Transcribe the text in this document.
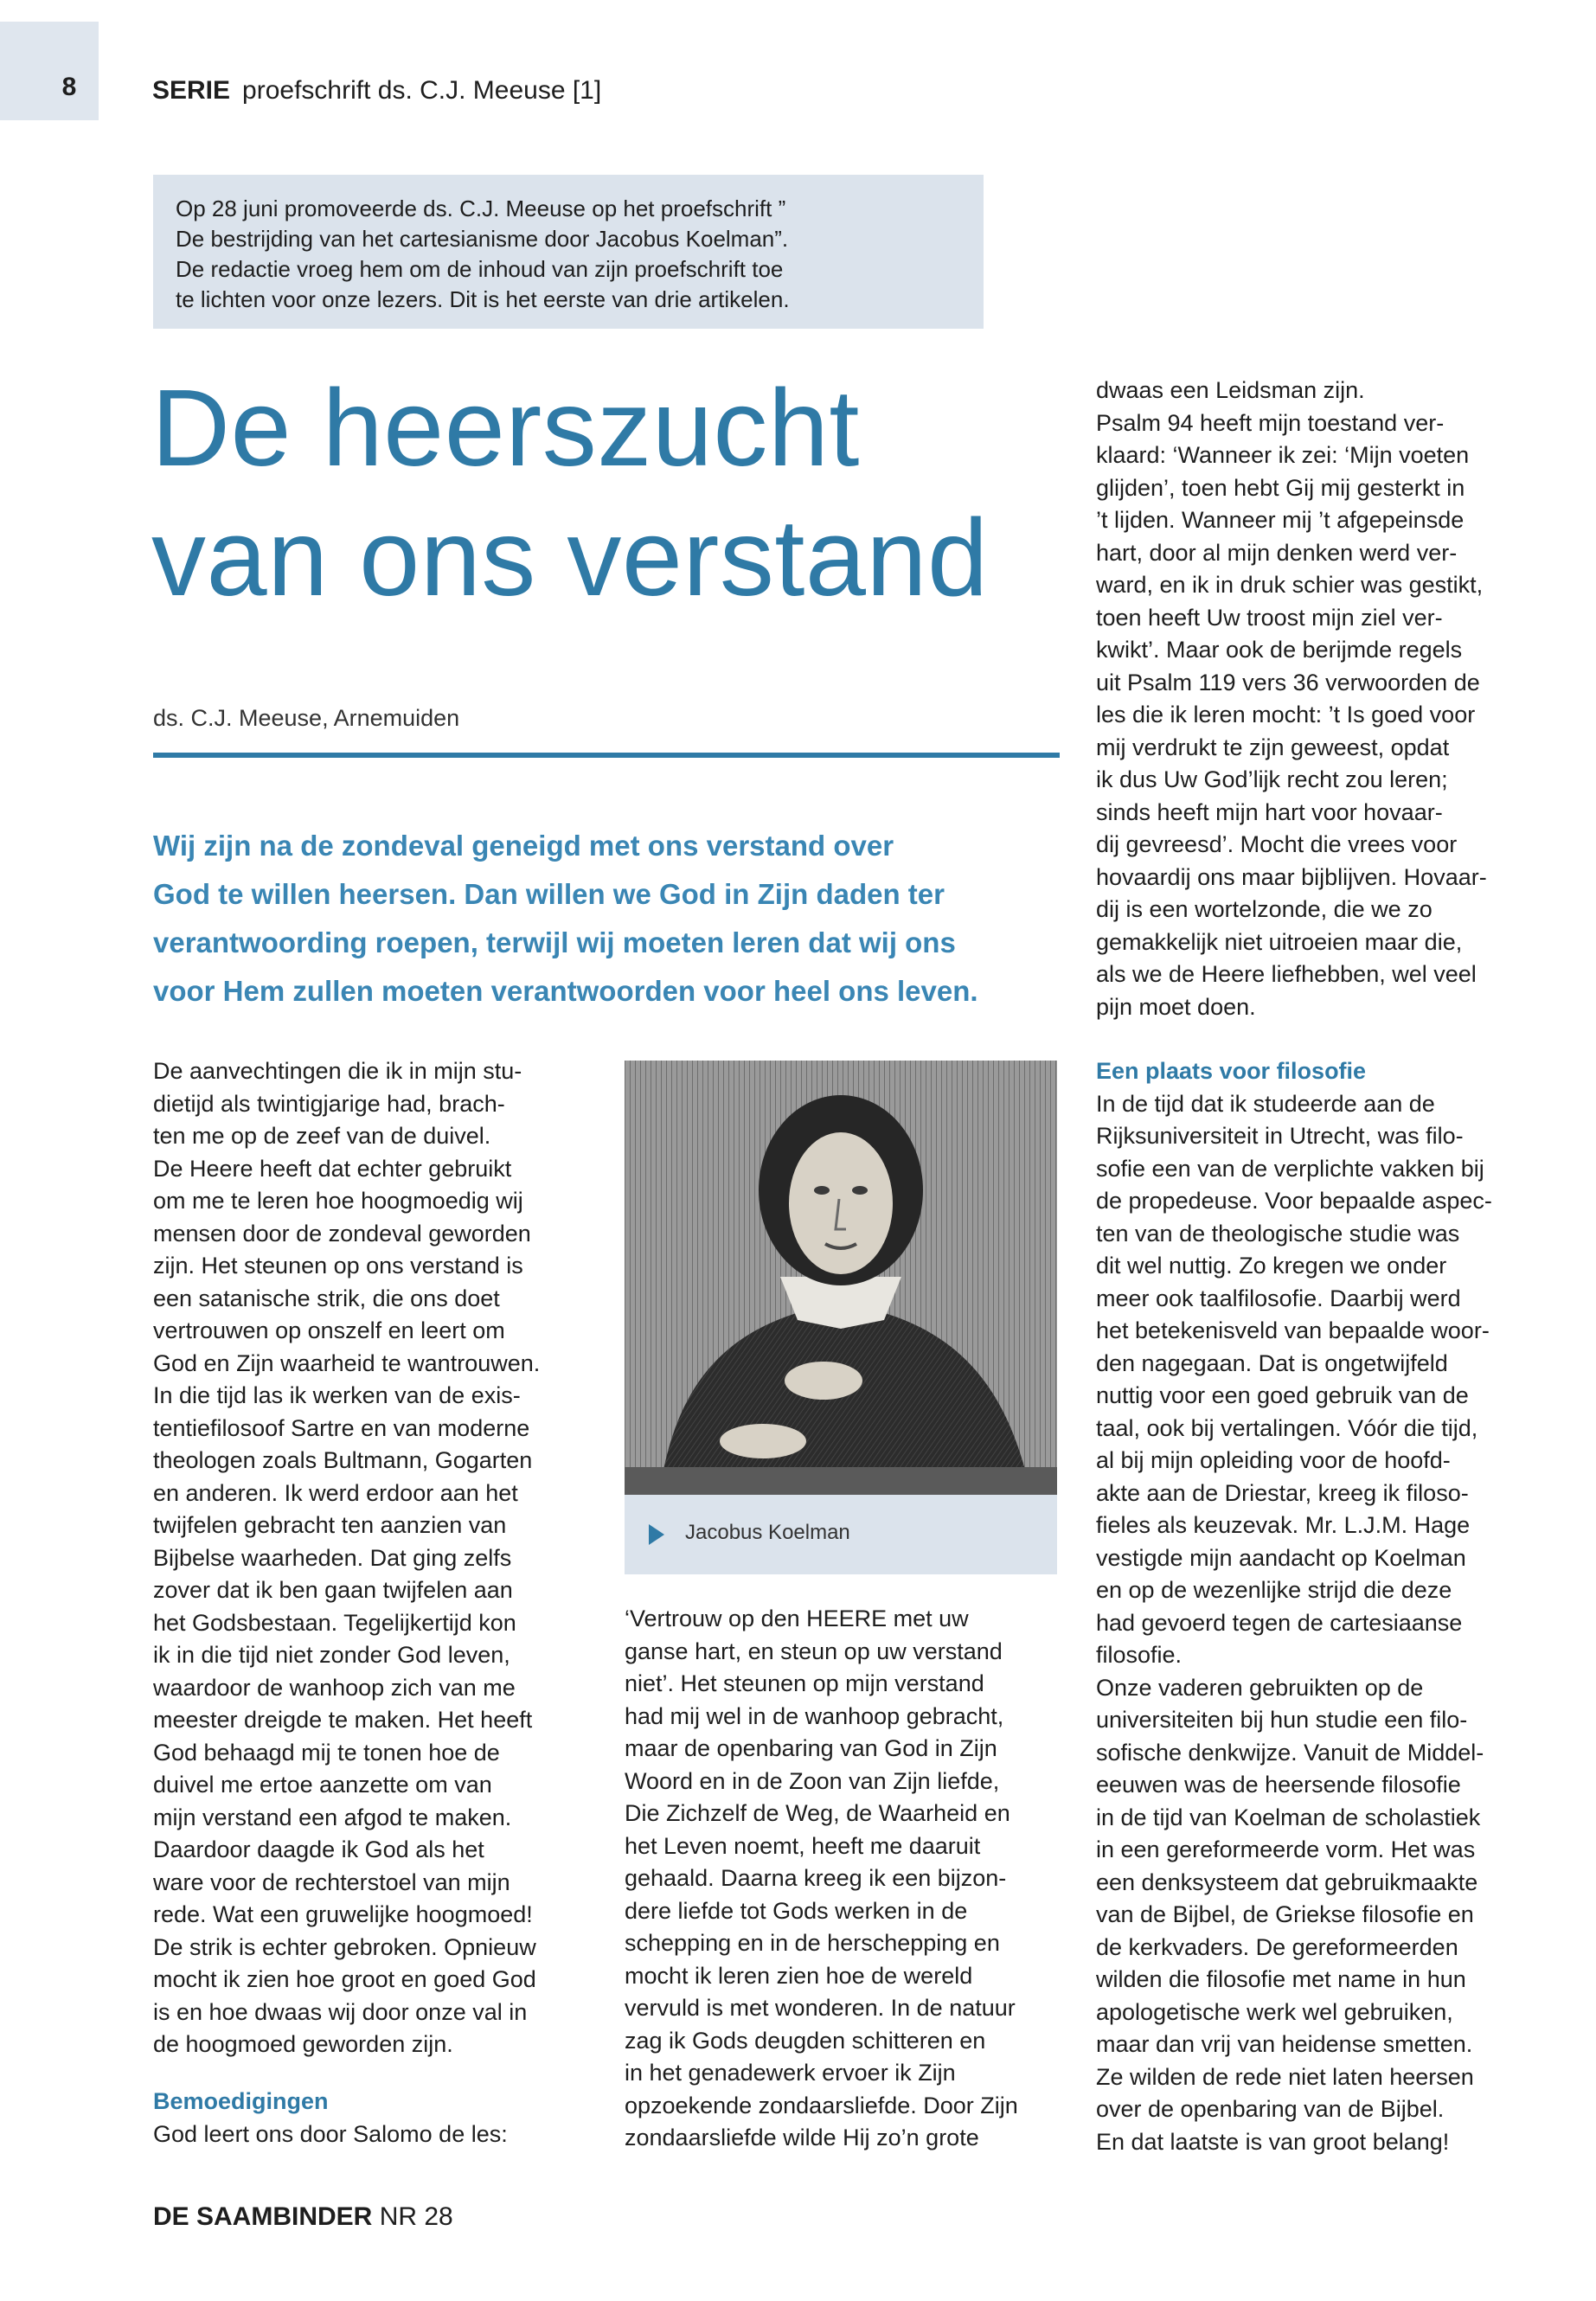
8	SERIE proefschrift ds. C.J. Meeuse [1]

Op 28 juni promoveerde ds. C.J. Meeuse op het proefschrift ”
De bestrijding van het cartesianisme door Jacobus Koelman”.
De redactie vroeg hem om de inhoud van zijn proefschrift toe
te lichten voor onze lezers. Dit is het eerste van drie artikelen.

De heerszucht
van ons verstand
ds. C.J. Meeuse, Arnemuiden
Wij zijn na de zondeval geneigd met ons verstand over
God te willen heersen. Dan willen we God in Zijn daden ter
verantwoording roepen, terwijl wij moeten leren dat wij ons
voor Hem zullen moeten verantwoorden voor heel ons leven.

De aanvechtingen die ik in mijn stu-

dietijd als twintigjarige had, brach-

ten me op de zeef van de duivel.

De Heere heeft dat echter gebruikt

om me te leren hoe hoogmoedig wij

mensen door de zondeval geworden

zijn. Het steunen op ons verstand is

een satanische strik, die ons doet

vertrouwen op onszelf en leert om

God en Zijn waarheid te wantrouwen.

In die tijd las ik werken van de exis-

tentiefilosoof Sartre en van moderne

theologen zoals Bultmann, Gogarten

en anderen. Ik werd erdoor aan het

twijfelen gebracht ten aanzien van

Bijbelse waarheden. Dat ging zelfs

zover dat ik ben gaan twijfelen aan

het Godsbestaan. Tegelijkertijd kon

ik in die tijd niet zonder God leven,

waardoor de wanhoop zich van me

meester dreigde te maken. Het heeft

God behaagd mij te tonen hoe de

duivel me ertoe aanzette om van

mijn verstand een afgod te maken.

Daardoor daagde ik God als het

ware voor de rechterstoel van mijn

rede. Wat een gruwelijke hoogmoed!

De strik is echter gebroken. Opnieuw

mocht ik zien hoe groot en goed God

is en hoe dwaas wij door onze val in

de hoogmoed geworden zijn.

Bemoedigingen

God leert ons door Salomo de les:

Jacobus Koelman

‘Vertrouw op den HEERE met uw

ganse hart, en steun op uw verstand

niet’. Het steunen op mijn verstand

had mij wel in de wanhoop gebracht,

maar de openbaring van God in Zijn

Woord en in de Zoon van Zijn liefde,

Die Zichzelf de Weg, de Waarheid en

het Leven noemt, heeft me daaruit

gehaald. Daarna kreeg ik een bijzon-

dere liefde tot Gods werken in de

schepping en in de herschepping en

mocht ik leren zien hoe de wereld

vervuld is met wonderen. In de natuur

zag ik Gods deugden schitteren en

in het genadewerk ervoer ik Zijn

opzoekende zondaarsliefde. Door Zijn

zondaarsliefde wilde Hij zo’n grote

dwaas een Leidsman zijn.

Psalm 94 heeft mijn toestand ver-

klaard: ‘Wanneer ik zei: ‘Mijn voeten

glijden’, toen hebt Gij mij gesterkt in

’t lijden. Wanneer mij ’t afgepeinsde

hart, door al mijn denken werd ver-

ward, en ik in druk schier was gestikt,

toen heeft Uw troost mijn ziel ver-

kwikt’. Maar ook de berijmde regels

uit Psalm 119 vers 36 verwoorden de

les die ik leren mocht: ’t Is goed voor

mij verdrukt te zijn geweest, opdat

ik dus Uw God’lijk recht zou leren;

sinds heeft mijn hart voor hovaar-

dij gevreesd’. Mocht die vrees voor

hovaardij ons maar bijblijven. Hovaar-

dij is een wortelzonde, die we zo

gemakkelijk niet uitroeien maar die,

als we de Heere liefhebben, wel veel

pijn moet doen.

Een plaats voor filosofie

In de tijd dat ik studeerde aan de

Rijksuniversiteit in Utrecht, was filo-

sofie een van de verplichte vakken bij

de propedeuse. Voor bepaalde aspec-

ten van de theologische studie was

dit wel nuttig. Zo kregen we onder

meer ook taalfilosofie. Daarbij werd

het betekenisveld van bepaalde woor-

den nagegaan. Dat is ongetwijfeld

nuttig voor een goed gebruik van de

taal, ook bij vertalingen. Vóór die tijd,

al bij mijn opleiding voor de hoofd-

akte aan de Driestar, kreeg ik filoso-

fieles als keuzevak. Mr. L.J.M. Hage

vestigde mijn aandacht op Koelman

en op de wezenlijke strijd die deze

had gevoerd tegen de cartesiaanse

filosofie.

Onze vaderen gebruikten op de

universiteiten bij hun studie een filo-

sofische denkwijze. Vanuit de Middel-

eeuwen was de heersende filosofie

in de tijd van Koelman de scholastiek

in een gereformeerde vorm. Het was

een denksysteem dat gebruikmaakte

van de Bijbel, de Griekse filosofie en

de kerkvaders. De gereformeerden

wilden die filosofie met name in hun

apologetische werk wel gebruiken,

maar dan vrij van heidense smetten.

Ze wilden de rede niet laten heersen

over de openbaring van de Bijbel.

En dat laatste is van groot belang!

DE SAAMBINDER NR 28
